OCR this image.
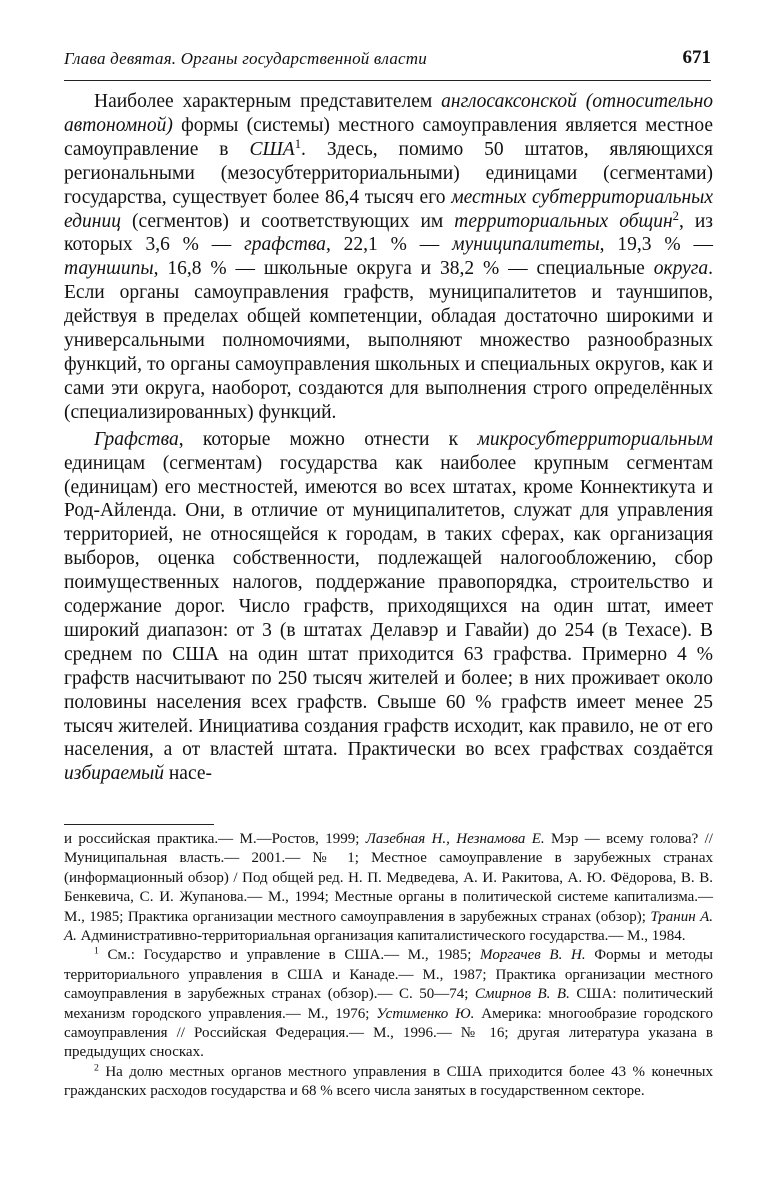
Глава девятая. Органы государственной власти	671

Наиболее характерным представителем англосаксонской (относительно автономной) формы (системы) местного самоуправления является местное самоуправление в США$^1$. Здесь, помимо 50 штатов, являющихся региональными (мезосубтерриториальными) единицами (сегментами) государства, существует более 86,4 тысяч его местных субтерриториальных единиц (сегментов) и соответствующих им территориальных общин$^2$, из которых 3,6 % — графства, 22,1 % — муниципалитеты, 19,3 % — тауншипы, 16,8 % — школьные округа и 38,2 % — специальные округа. Если органы самоуправления графств, муниципалитетов и тауншипов, действуя в пределах общей компетенции, обладая достаточно широкими и универсальными полномочиями, выполняют множество разнообразных функций, то органы самоуправления школьных и специальных округов, как и сами эти округа, наоборот, создаются для выполнения строго определённых (специализированных) функций.

Графства, которые можно отнести к микросубтерриториальным единицам (сегментам) государства как наиболее крупным сегментам (единицам) его местностей, имеются во всех штатах, кроме Коннектикута и Род-Айленда. Они, в отличие от муниципалитетов, служат для управления территорией, не относящейся к городам, в таких сферах, как организация выборов, оценка собственности, подлежащей налогообложению, сбор поимущественных налогов, поддержание правопорядка, строительство и содержание дорог. Число графств, приходящихся на один штат, имеет широкий диапазон: от 3 (в штатах Делавэр и Гавайи) до 254 (в Техасе). В среднем по США на один штат приходится 63 графства. Примерно 4 % графств насчитывают по 250 тысяч жителей и более; в них проживает около половины населения всех графств. Свыше 60 % графств имеет менее 25 тысяч жителей. Инициатива создания графств исходит, как правило, не от его населения, а от властей штата. Практически во всех графствах создаётся избираемый насе-

и российская практика.— М.—Ростов, 1999; Лазебная Н., Незнамова Е. Мэр — всему голова? // Муниципальная власть.— 2001.— № 1; Местное самоуправление в зарубежных странах (информационный обзор) / Под общей ред. Н. П. Медведева, А. И. Ракитова, А. Ю. Фёдорова, В. В. Бенкевича, С. И. Жупанова.— М., 1994; Местные органы в политической системе капитализма.— М., 1985; Практика организации местного самоуправления в зарубежных странах (обзор); Транин А. А. Административно-территориальная организация капиталистического государства.— М., 1984.

$^1$ См.: Государство и управление в США.— М., 1985; Моргачев В. Н. Формы и методы территориального управления в США и Канаде.— М., 1987; Практика организации местного самоуправления в зарубежных странах (обзор).— С. 50—74; Смирнов В. В. США: политический механизм городского управления.— М., 1976; Устименко Ю. Америка: многообразие городского самоуправления // Российская Федерация.— М., 1996.— № 16; другая литература указана в предыдущих сносках.

$^2$ На долю местных органов местного управления в США приходится более 43 % конечных гражданских расходов государства и 68 % всего числа занятых в государственном секторе.
